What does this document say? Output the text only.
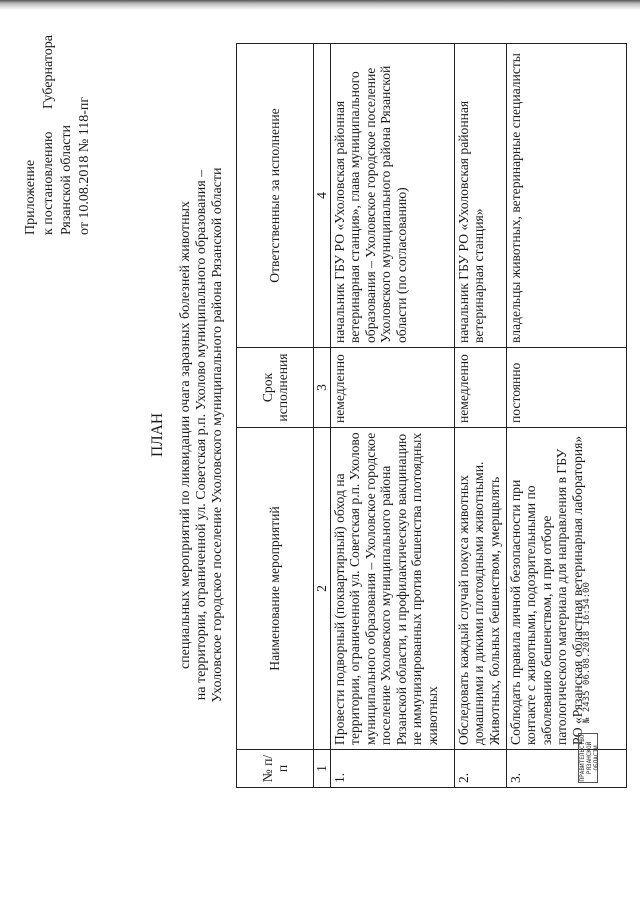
Приложение к постановлению
Губернатора
Рязанской области от 10.08.2018 № 118-пг
ПЛАН специальных мероприятий по ликвидации очага заразных болезней животных на территории, ограниченной ул. Советская р.п. Ухолово муниципального образования – Ухоловское городское поселение Ухоловского муниципального района Рязанской области
№ п/п	Наименование мероприятий	Срок исполнения	Ответственные за исполнение
1	2	3	4
1.	Провести подворный (поквартирный) обход на территории, ограниченной ул. Советская р.п. Ухолово муниципального образования – Ухоловское городское поселение Ухоловского муниципального района Рязанской области, и профилактическую вакцинацию не иммунизированных против бешенства плотоядных животных	немедленно	начальник ГБУ РО «Ухоловская районная ветеринарная станция», глава муниципального образования – Ухоловское городское поселение Ухоловского муниципального района Рязанской области (по согласованию)
2.	Обследовать каждый случай покуса животных домашними и дикими плотоядными животными. Животных, больных бешенством, умерщвлять	немедленно	начальник ГБУ РО «Ухоловская районная ветеринарная станция»
3.	Соблюдать правила личной безопасности при контакте с животными, подозрительными по заболеванию бешенством, и при отборе патологического материала для направления в ГБУ РО «Рязанская областная ветеринарная лаборатория»	постоянно	владельцы животных, ветеринарные специалисты
ПРАВИТЕЛЬСТВО РЯЗАНСКОЙ ОБЛАСТИ
№ 2435 06.08.2018 16:54:00
